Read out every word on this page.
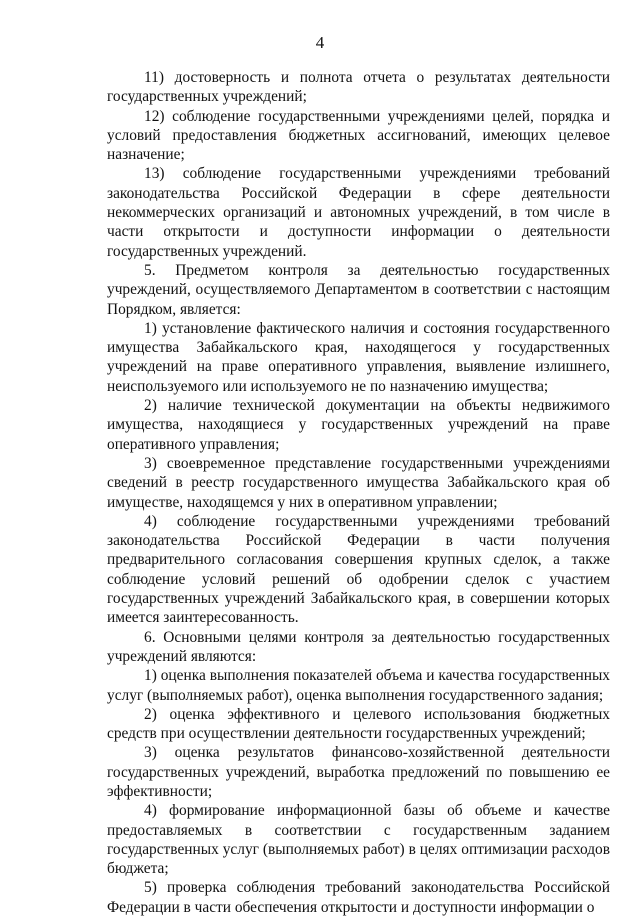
4

11) достоверность и полнота отчета о результатах деятельности государственных учреждений;

12) соблюдение государственными учреждениями целей, порядка и условий предоставления бюджетных ассигнований, имеющих целевое назначение;

13) соблюдение государственными учреждениями требований законодательства Российской Федерации в сфере деятельности некоммерческих организаций и автономных учреждений, в том числе в части открытости и доступности информации о деятельности государственных учреждений.

5. Предметом контроля за деятельностью государственных учреждений, осуществляемого Департаментом в соответствии с настоящим Порядком, является:

1) установление фактического наличия и состояния государственного имущества Забайкальского края, находящегося у государственных учреждений на праве оперативного управления, выявление излишнего, неиспользуемого или используемого не по назначению имущества;

2) наличие технической документации на объекты недвижимого имущества, находящиеся у государственных учреждений на праве оперативного управления;

3) своевременное представление государственными учреждениями сведений в реестр государственного имущества Забайкальского края об имуществе, находящемся у них в оперативном управлении;

4) соблюдение государственными учреждениями требований законодательства Российской Федерации в части получения предварительного согласования совершения крупных сделок, а также соблюдение условий решений об одобрении сделок с участием государственных учреждений Забайкальского края, в совершении которых имеется заинтересованность.

6. Основными целями контроля за деятельностью государственных учреждений являются:

1) оценка выполнения показателей объема и качества государственных услуг (выполняемых работ), оценка выполнения государственного задания;

2) оценка эффективного и целевого использования бюджетных средств при осуществлении деятельности государственных учреждений;

3) оценка результатов финансово-хозяйственной деятельности государственных учреждений, выработка предложений по повышению ее эффективности;

4) формирование информационной базы об объеме и качестве предоставляемых в соответствии с государственным заданием государственных услуг (выполняемых работ) в целях оптимизации расходов бюджета;

5) проверка соблюдения требований законодательства Российской Федерации в части обеспечения открытости и доступности информации о
